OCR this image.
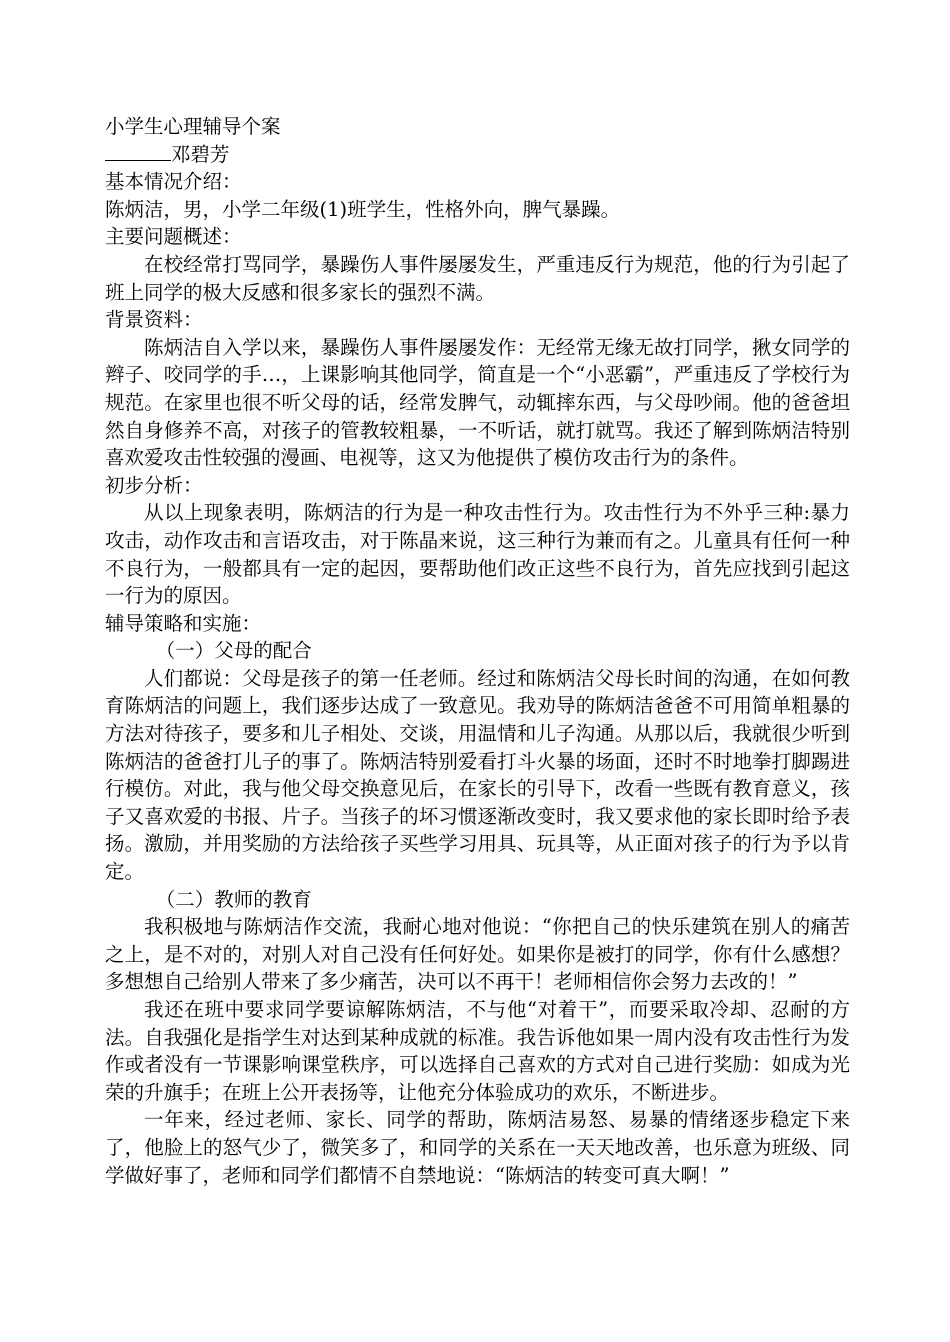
小学生心理辅导个案

邓碧芳

基本情况介绍：

陈炳洁，男，小学二年级(1)班学生，性格外向，脾气暴躁。

主要问题概述：

在校经常打骂同学，暴躁伤人事件屡屡发生，严重违反行为规范，他的行为引起了班上同学的极大反感和很多家长的强烈不满。

背景资料：

陈炳洁自入学以来，暴躁伤人事件屡屡发作：无经常无缘无故打同学，揪女同学的辫子、咬同学的手…，上课影响其他同学，简直是一个“小恶霸”，严重违反了学校行为规范。在家里也很不听父母的话，经常发脾气，动辄摔东西，与父母吵闹。他的爸爸坦然自身修养不高，对孩子的管教较粗暴，一不听话，就打就骂。我还了解到陈炳洁特别喜欢爱攻击性较强的漫画、电视等，这又为他提供了模仿攻击行为的条件。

初步分析：

从以上现象表明，陈炳洁的行为是一种攻击性行为。攻击性行为不外乎三种:暴力攻击，动作攻击和言语攻击，对于陈晶来说，这三种行为兼而有之。儿童具有任何一种不良行为，一般都具有一定的起因，要帮助他们改正这些不良行为，首先应找到引起这一行为的原因。

辅导策略和实施：

（一）父母的配合

人们都说：父母是孩子的第一任老师。经过和陈炳洁父母长时间的沟通，在如何教育陈炳洁的问题上，我们逐步达成了一致意见。我劝导的陈炳洁爸爸不可用简单粗暴的方法对待孩子，要多和儿子相处、交谈，用温情和儿子沟通。从那以后，我就很少听到陈炳洁的爸爸打儿子的事了。陈炳洁特别爱看打斗火暴的场面，还时不时地拳打脚踢进行模仿。对此，我与他父母交换意见后，在家长的引导下，改看一些既有教育意义，孩子又喜欢爱的书报、片子。当孩子的坏习惯逐渐改变时，我又要求他的家长即时给予表扬。激励，并用奖励的方法给孩子买些学习用具、玩具等，从正面对孩子的行为予以肯定。

（二）教师的教育

我积极地与陈炳洁作交流，我耐心地对他说：“你把自己的快乐建筑在别人的痛苦之上，是不对的，对别人对自己没有任何好处。如果你是被打的同学，你有什么感想？多想想自己给别人带来了多少痛苦，决可以不再干！老师相信你会努力去改的！”

我还在班中要求同学要谅解陈炳洁，不与他“对着干”，而要采取冷却、忍耐的方法。自我强化是指学生对达到某种成就的标准。我告诉他如果一周内没有攻击性行为发作或者没有一节课影响课堂秩序，可以选择自己喜欢的方式对自己进行奖励：如成为光荣的升旗手；在班上公开表扬等，让他充分体验成功的欢乐，不断进步。

一年来，经过老师、家长、同学的帮助，陈炳洁易怒、易暴的情绪逐步稳定下来了，他脸上的怒气少了，微笑多了，和同学的关系在一天天地改善，也乐意为班级、同学做好事了，老师和同学们都情不自禁地说：“陈炳洁的转变可真大啊！”
